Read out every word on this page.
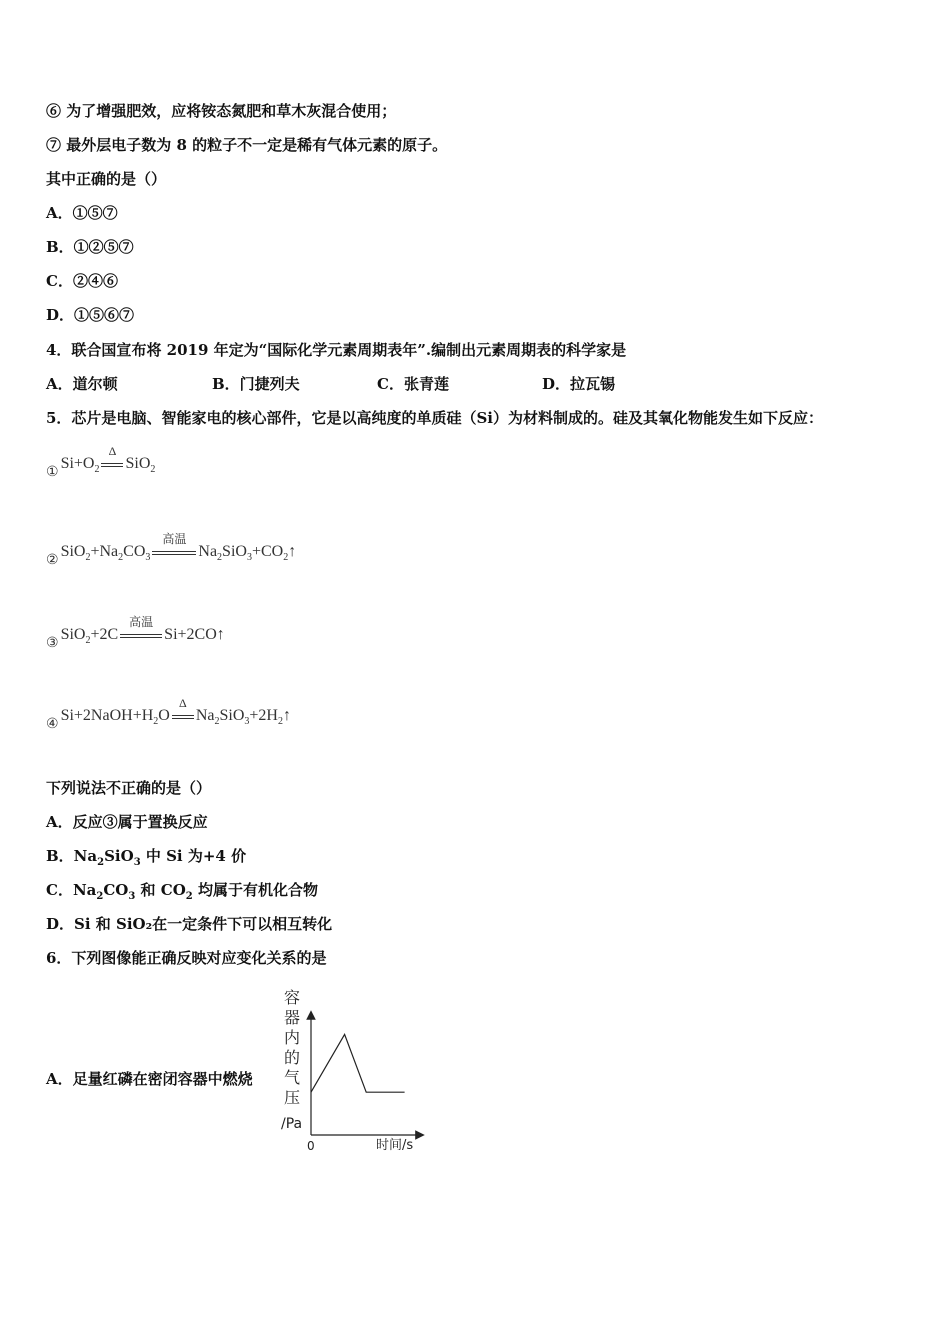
⑥ 为了增强肥效，应将铵态氮肥和草木灰混合使用；
⑦ 最外层电子数为 8 的粒子不一定是稀有气体元素的原子。
其中正确的是（）
A．①⑤⑦
B．①②⑤⑦
C．②④⑥
D．①⑤⑥⑦
4．联合国宣布将 2019 年定为“国际化学元素周期表年”.编制出元素周期表的科学家是
A．道尔顿	B．门捷列夫	C．张青莲	D．拉瓦锡
5．芯片是电脑、智能家电的核心部件，它是以高纯度的单质硅（Si）为材料制成的。硅及其氧化物能发生如下反应：
$①Si+O_2$
Δ
SiO$_2$
$②SiO_2+Na_2CO_3$
高温
$Na_2SiO_3+CO_2↑$
③SiO$_2$+2C
高温
Si+2CO↑
$④Si+2NaOH+H_2O$
Δ
$Na_2SiO_3+2H_2↑$
下列说法不正确的是（）
A．反应③属于置换反应
B．$Na_2SiO_3$ 中 Si 为+4 价
C．$Na_2CO_3$ 和 $CO_2$ 均属于有机化合物
D．Si 和 SiO₂在一定条件下可以相互转化
6．下列图像能正确反映对应变化关系的是
A．足量红磷在密闭容器中燃烧
容
器
内
的
气
压
/Pa
0	时间/s
